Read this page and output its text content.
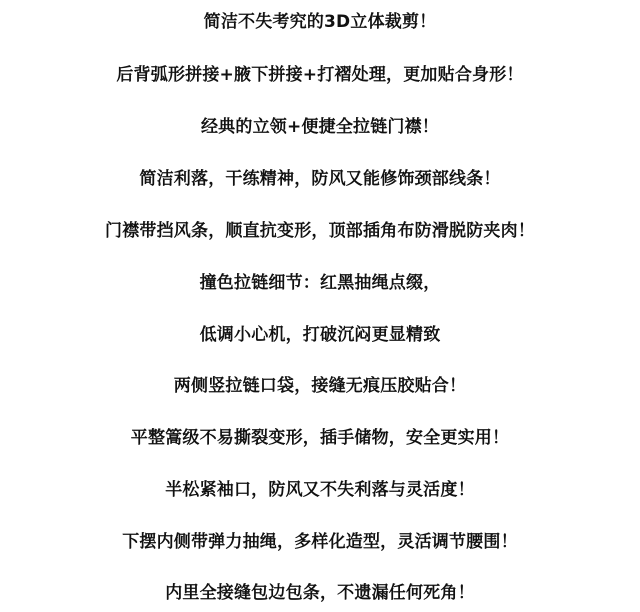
简洁不失考究的3D立体裁剪！
后背弧形拼接+腋下拼接+打褶处理，更加贴合身形！
经典的立领+便捷全拉链门襟！
简洁利落，干练精神，防风又能修饰颈部线条！
门襟带挡风条，顺直抗变形，顶部插角布防滑脱防夹肉！
撞色拉链细节：红黑抽绳点缀，
低调小心机，打破沉闷更显精致
两侧竖拉链口袋，接缝无痕压胶贴合！
平整篙级不易撕裂变形，插手储物，安全更实用！
半松紧袖口，防风又不失利落与灵活度！
下摆内侧带弹力抽绳，多样化造型，灵活调节腰围！
内里全接缝包边包条，不遗漏任何死角！
